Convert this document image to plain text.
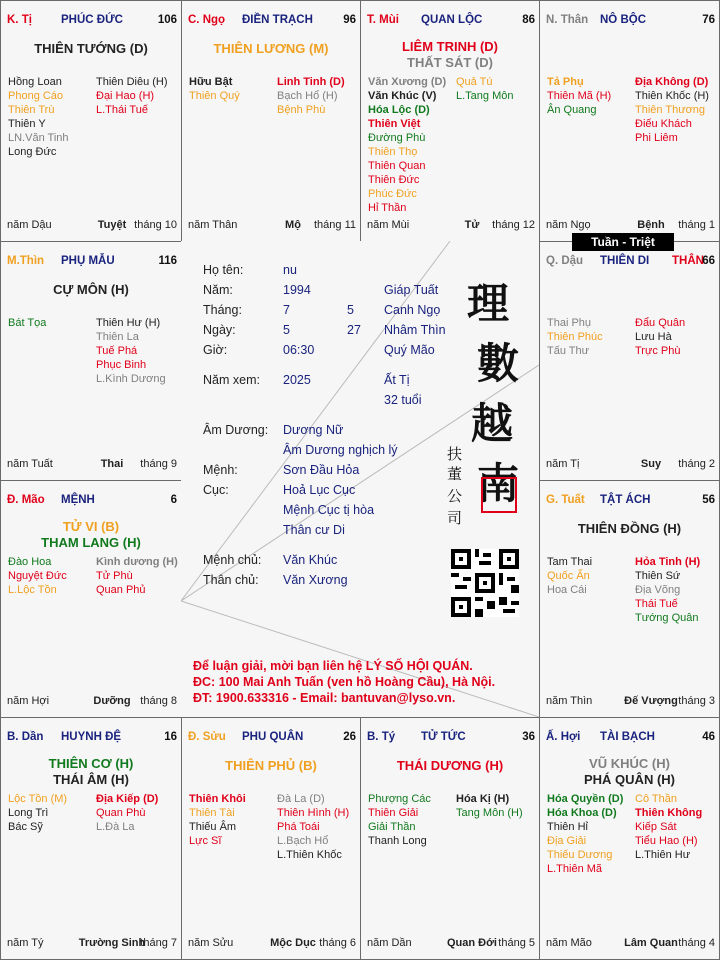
K. Tị	PHÚC ĐỨC	106
THIÊN TƯỚNG (D)
Hồng Loan
Phong Cáo
Thiên Trù
Thiên Y
LN.Văn Tinh
Long Đức
Thiên Diêu (H)
Đại Hao (H)
L.Thái Tuế
năm Dậu	Tuyệt tháng 10
C. Ngọ ĐIỀN TRẠCH	96
THIÊN LƯƠNG (M)
Hữu Bật
Thiên Quý
Linh Tinh (D)
Bạch Hổ (H)
Bệnh Phù
năm Thân	Mộ	tháng 11
T. Mùi QUAN LỘC	86
LIÊM TRINH (D)
THẤT SÁT (D)
Văn Xương (D)
Văn Khúc (V)
Hóa Lộc (D)
Thiên Việt
Đường Phù
Thiên Thọ
Thiên Quan
Thiên Đức
Phúc Đức
Hỉ Thần
Quả Tú
L.Tang Môn
năm Mùi	Tử	tháng 12
N. Thân NÔ BỘC	76
Tả Phụ
Thiên Mã (H)
Ân Quang
Địa Không (D)
Thiên Khốc (H)
Thiên Thương
Điếu Khách
Phi Liêm
năm Ngọ	Bệnh	tháng 1
M.Thìn PHỤ MẪU	116
CỰ MÔN (H)
Bát Tọa	Thiên Hư (H)
Thiên La
Tuế Phá
Phục Binh
L.Kình Dương
năm Tuất	Thai	tháng 9
Q. Dậu THIÊN DI THÂN
66
Thai Phụ
Thiên Phúc
Tấu Thư
Đẩu Quân
Lưu Hà
Trực Phù
năm Tị	Suy	tháng 2
Đ. Mão MỆNH	6
TỬ VI (B)
THAM LANG (H)
Đào Hoa
Nguyệt Đức
L.Lộc Tồn
Kình dương (H)
Tử Phù
Quan Phủ
năm Hợi	Dưỡng tháng 8
G. Tuất TẬT ÁCH	56
THIÊN ĐỒNG (H)
Tam Thai
Quốc Ấn
Hoa Cái
Hỏa Tinh (H)
Thiên Sứ
Địa Võng
Thái Tuế
Tướng Quân
năm Thìn	Đế Vượng tháng 3
B. Dần HUYNH ĐỆ	16
THIÊN CƠ (H)
THÁI ÂM (H)
Lộc Tồn (M)
Long Trì
Bác Sỹ
Địa Kiếp (D)
Quan Phù
L.Đà La
năm Tý	Trường Sinh
tháng 7
Đ. Sửu PHU QUÂN	26
THIÊN PHỦ (B)
Thiên Khôi
Thiên Tài
Thiếu Âm
Lực Sĩ
Đà La (D)
Thiên Hình (H)
Phá Toái
L.Bạch Hổ
L.Thiên Khốc
năm Sửu	Mộc Dục tháng 6
B. Tý TỬ TỨC	36
THÁI DƯƠNG (H)
Phượng Các
Thiên Giải
Giải Thần
Thanh Long
Hóa Kị (H)
Tang Môn (H)
năm Dần	Quan Đới tháng 5
Ấ. Hợi TÀI BẠCH	46
VŨ KHÚC (H)
PHÁ QUÂN (H)
Hóa Quyền (D)
Hóa Khoa (D)
Thiên Hỉ
Địa Giải
Thiếu Dương
L.Thiên Mã
Cô Thần
Thiên Không
Kiếp Sát
Tiểu Hao (H)
L.Thiên Hư
năm Mão	Lâm Quan tháng 4
Họ tên:	nu
Năm:	1994	Giáp Tuất
Tháng:	7	5 Canh Ngọ
Ngày:	5	27 Nhâm Thìn
Giờ:	06:30	Quý Mão
Năm xem: 2025	Ất Tị
32 tuổi
Âm Dương: Dương Nữ
Âm Dương nghịch lý
Mệnh:	Sơn Đầu Hỏa
Cục:	Hoả Lục Cục
Mệnh Cục tị hòa
Thân cư Di
Mệnh chủ: Văn Khúc
Thân chủ: Văn Xương
理
數
越
南
扶
董
公
司
Để luận giải, mời bạn liên hệ LÝ SỐ HỘI QUÁN.
ĐC: 100 Mai Anh Tuấn (ven hồ Hoàng Cầu), Hà Nội.
ĐT: 1900.633316 - Email: bantuvan@lyso.vn.
Tuần - Triệt
